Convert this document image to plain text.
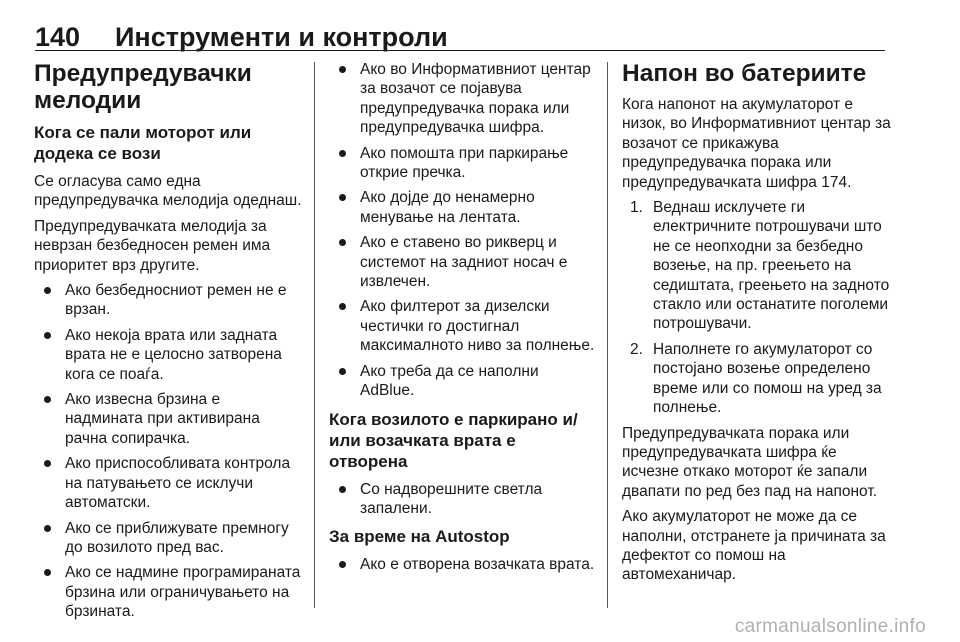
140	Инструменти и контроли
Предупредувачки мелодии
Кога се пали моторот или додека се вози

Се огласува само една предупредувачка мелодија одеднаш.

Предупредувачката мелодија за неврзан безбедносен ремен има приоритет врз другите.

Ако безбедносниот ремен не е врзан.
Ако некоја врата или задната врата не е целосно затворена кога се поаѓа.
Ако извесна брзина е надмината при активирана рачна сопирачка.
Ако приспособливата контрола на патувањето се исклучи автоматски.
Ако се приближувате премногу до возилото пред вас.
Ако се надмине програмираната брзина или ограничувањето на брзината.
Ако во Информативниот центар за возачот се појавува предупредувачка порака или предупредувачка шифра.
Ако помошта при паркирање открие пречка.
Ако дојде до ненамерно менување на лентата.
Ако е ставено во рикверц и системот на задниот носач е извлечен.
Ако филтерот за дизелски честички го достигнал максималното ниво за полнење.
Ако треба да се наполни AdBlue.
Кога возилото е паркирано и/ или возачката врата е отворена
Со надворешните светла запалени.
За време на Autostop
Ако е отворена возачката врата.
Напон во батериите

Кога напонот на акумулаторот е низок, во Информативниот центар за возачот се прикажува предупредувачка порака или предупредувачката шифра 174.

1. Веднаш исклучете ги електричните потрошувачи што не се неопходни за безбедно возење, на пр. греењето на седиштата, греењето на задното стакло или останатите поголеми потрошувачи.
2. Наполнете го акумулаторот со постојано возење определено време или со помош на уред за полнење.

Предупредувачката порака или предупредувачката шифра ќе исчезне откако моторот ќе запали двапати по ред без пад на напонот.

Ако акумулаторот не може да се наполни, отстранете ја причината за дефектот со помош на автомеханичар.

carmanualsonline.info
